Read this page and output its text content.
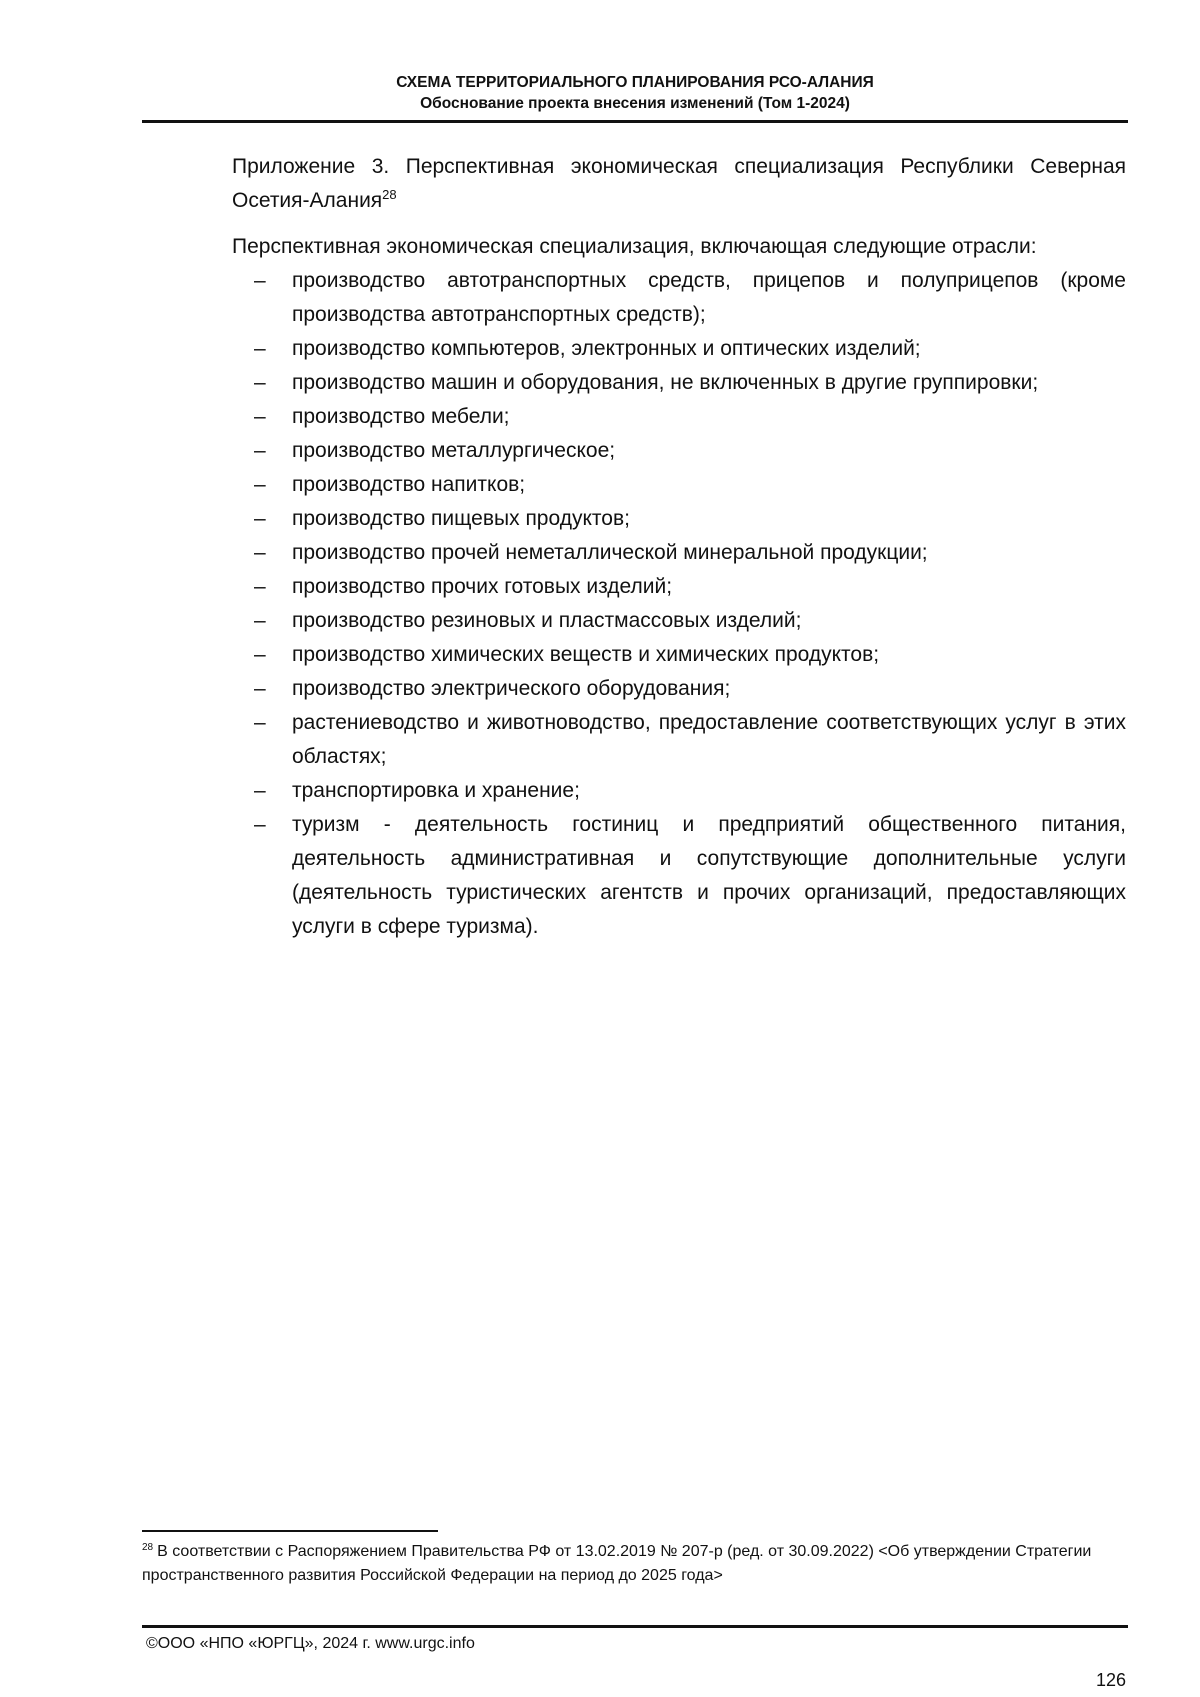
СХЕМА ТЕРРИТОРИАЛЬНОГО ПЛАНИРОВАНИЯ РСО-АЛАНИЯ
Обоснование проекта внесения изменений (Том 1-2024)

Приложение 3. Перспективная экономическая специализация Республики Северная Осетия-Алания$^{28}$

Перспективная экономическая специализация, включающая следующие отрасли:

– производство автотранспортных средств, прицепов и полуприцепов (кроме производства автотранспортных средств);
– производство компьютеров, электронных и оптических изделий;
– производство машин и оборудования, не включенных в другие группировки;
– производство мебели;
– производство металлургическое;
– производство напитков;
– производство пищевых продуктов;
– производство прочей неметаллической минеральной продукции;
– производство прочих готовых изделий;
– производство резиновых и пластмассовых изделий;
– производство химических веществ и химических продуктов;
– производство электрического оборудования;
– растениеводство и животноводство, предоставление соответствующих услуг в этих областях;
– транспортировка и хранение;
– туризм - деятельность гостиниц и предприятий общественного питания, деятельность административная и сопутствующие дополнительные услуги (деятельность туристических агентств и прочих организаций, предоставляющих услуги в сфере туризма).
$^{28}$ В соответствии с Распоряжением Правительства РФ от 13.02.2019 № 207-р (ред. от 30.09.2022) <Об утверждении Стратегии пространственного развития Российской Федерации на период до 2025 года>
©ООО «НПО «ЮРГЦ», 2024 г. www.urgc.info
126
